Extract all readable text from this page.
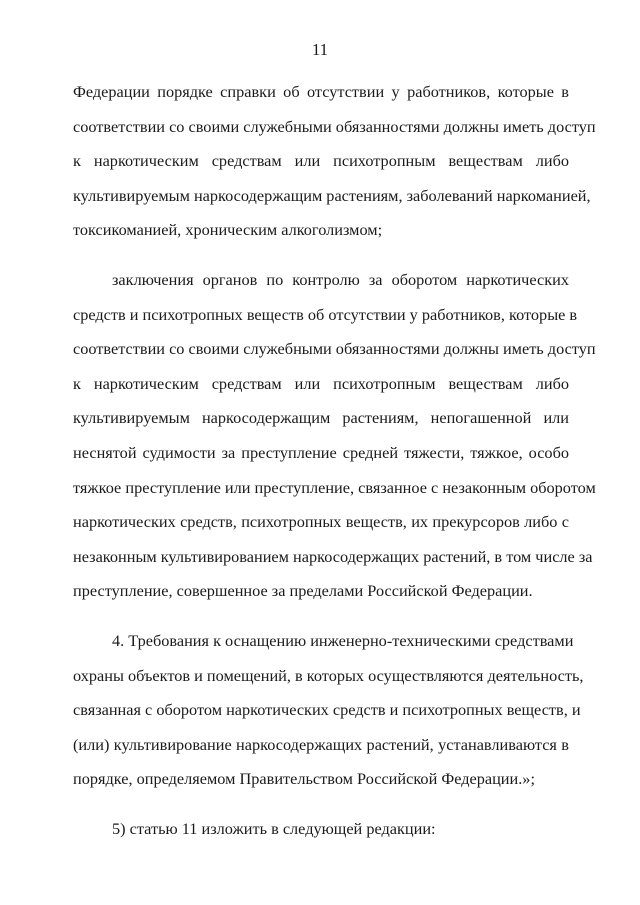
11
Федерации порядке справки об отсутствии у работников, которые в
соответствии со своими служебными обязанностями должны иметь доступ
к наркотическим средствам или психотропным веществам либо
культивируемым наркосодержащим растениям, заболеваний наркоманией,
токсикоманией, хроническим алкоголизмом;
заключения органов по контролю за оборотом наркотических
средств и психотропных веществ об отсутствии у работников, которые в
соответствии со своими служебными обязанностями должны иметь доступ
к наркотическим средствам или психотропным веществам либо
культивируемым наркосодержащим растениям, непогашенной или
неснятой судимости за преступление средней тяжести, тяжкое, особо
тяжкое преступление или преступление, связанное с незаконным оборотом
наркотических средств, психотропных веществ, их прекурсоров либо с
незаконным культивированием наркосодержащих растений, в том числе за
преступление, совершенное за пределами Российской Федерации.
4. Требования к оснащению инженерно-техническими средствами
охраны объектов и помещений, в которых осуществляются деятельность,
связанная с оборотом наркотических средств и психотропных веществ, и
(или) культивирование наркосодержащих растений, устанавливаются в
порядке, определяемом Правительством Российской Федерации.»;
5) статью 11 изложить в следующей редакции:
